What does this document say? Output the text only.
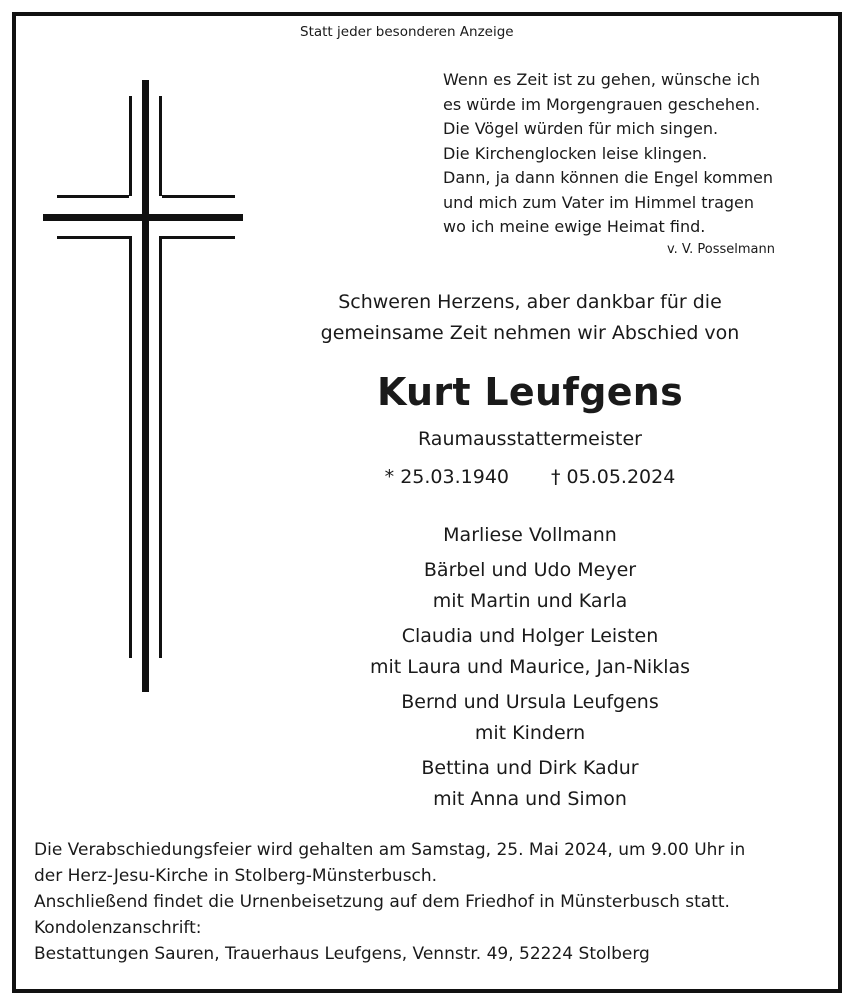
Statt jeder besonderen Anzeige
Wenn es Zeit ist zu gehen, wünsche ich
es würde im Morgengrauen geschehen.
Die Vögel würden für mich singen.
Die Kirchenglocken leise klingen.
Dann, ja dann können die Engel kommen
und mich zum Vater im Himmel tragen
wo ich meine ewige Heimat find.
v. V. Posselmann
Schweren Herzens, aber dankbar für die
gemeinsame Zeit nehmen wir Abschied von
Kurt Leufgens
Raumausstattermeister
* 25.03.1940 † 05.05.2024
Marliese Vollmann
Bärbel und Udo Meyer
mit Martin und Karla
Claudia und Holger Leisten
mit Laura und Maurice, Jan-Niklas
Bernd und Ursula Leufgens
mit Kindern
Bettina und Dirk Kadur
mit Anna und Simon
Die Verabschiedungsfeier wird gehalten am Samstag, 25. Mai 2024, um 9.00 Uhr in
der Herz-Jesu-Kirche in Stolberg-Münsterbusch.
Anschließend findet die Urnenbeisetzung auf dem Friedhof in Münsterbusch statt.
Kondolenzanschrift:
Bestattungen Sauren, Trauerhaus Leufgens, Vennstr. 49, 52224 Stolberg
